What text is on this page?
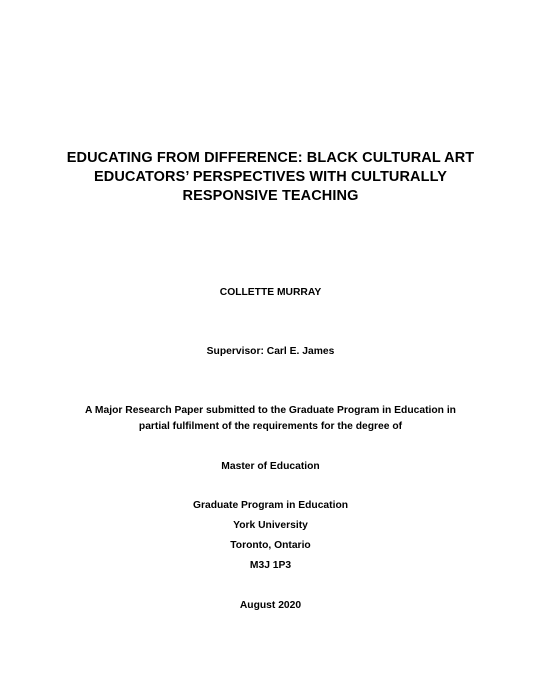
EDUCATING FROM DIFFERENCE: BLACK CULTURAL ART
EDUCATORS’ PERSPECTIVES WITH CULTURALLY
RESPONSIVE TEACHING
COLLETTE MURRAY
Supervisor: Carl E. James
A Major Research Paper submitted to the Graduate Program in Education in
partial fulfilment of the requirements for the degree of
Master of Education
Graduate Program in Education
York University
Toronto, Ontario
M3J 1P3
August 2020
